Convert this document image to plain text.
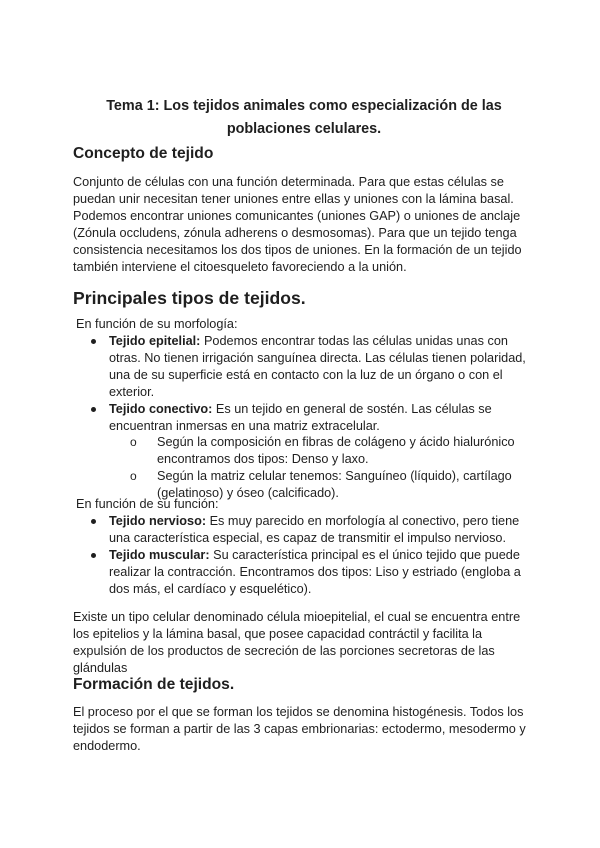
Tema 1: Los tejidos animales como especialización de las poblaciones celulares.
Concepto de tejido

Conjunto de células con una función determinada. Para que estas células se puedan unir necesitan tener uniones entre ellas y uniones con la lámina basal. Podemos encontrar uniones comunicantes (uniones GAP) o uniones de anclaje (Zónula occludens, zónula adherens o desmosomas). Para que un tejido tenga consistencia necesitamos los dos tipos de uniones. En la formación de un tejido también interviene el citoesqueleto favoreciendo a la unión.

Principales tipos de tejidos.

En función de su morfología:

Tejido epitelial: Podemos encontrar todas las células unidas unas con otras. No tienen irrigación sanguínea directa. Las células tienen polaridad, una de su superficie está en contacto con la luz de un órgano o con el exterior.
Tejido conectivo: Es un tejido en general de sostén. Las células se encuentran inmersas en una matriz extracelular.
o Según la composición en fibras de colágeno y ácido hialurónico encontramos dos tipos: Denso y laxo.
o Según la matriz celular tenemos: Sanguíneo (líquido), cartílago (gelatinoso) y óseo (calcificado).

En función de su función:

Tejido nervioso: Es muy parecido en morfología al conectivo, pero tiene una característica especial, es capaz de transmitir el impulso nervioso.
Tejido muscular: Su característica principal es el único tejido que puede realizar la contracción. Encontramos dos tipos: Liso y estriado (engloba a dos más, el cardíaco y esquelético).

Existe un tipo celular denominado célula mioepitelial, el cual se encuentra entre los epitelios y la lámina basal, que posee capacidad contráctil y facilita la expulsión de los productos de secreción de las porciones secretoras de las glándulas

Formación de tejidos.

El proceso por el que se forman los tejidos se denomina histogénesis. Todos los tejidos se forman a partir de las 3 capas embrionarias: ectodermo, mesodermo y endodermo.
